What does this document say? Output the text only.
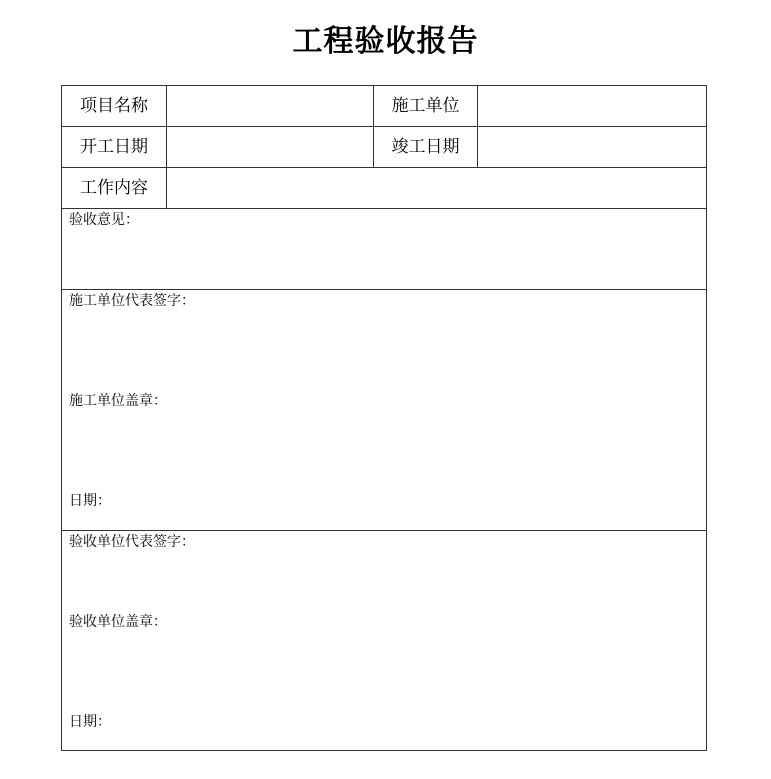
工程验收报告
项目名称	施工单位
开工日期	竣工日期
工作内容
验收意见：
施工单位代表签字：
施工单位盖章：
日期：
验收单位代表签字：
验收单位盖章：
日期：
